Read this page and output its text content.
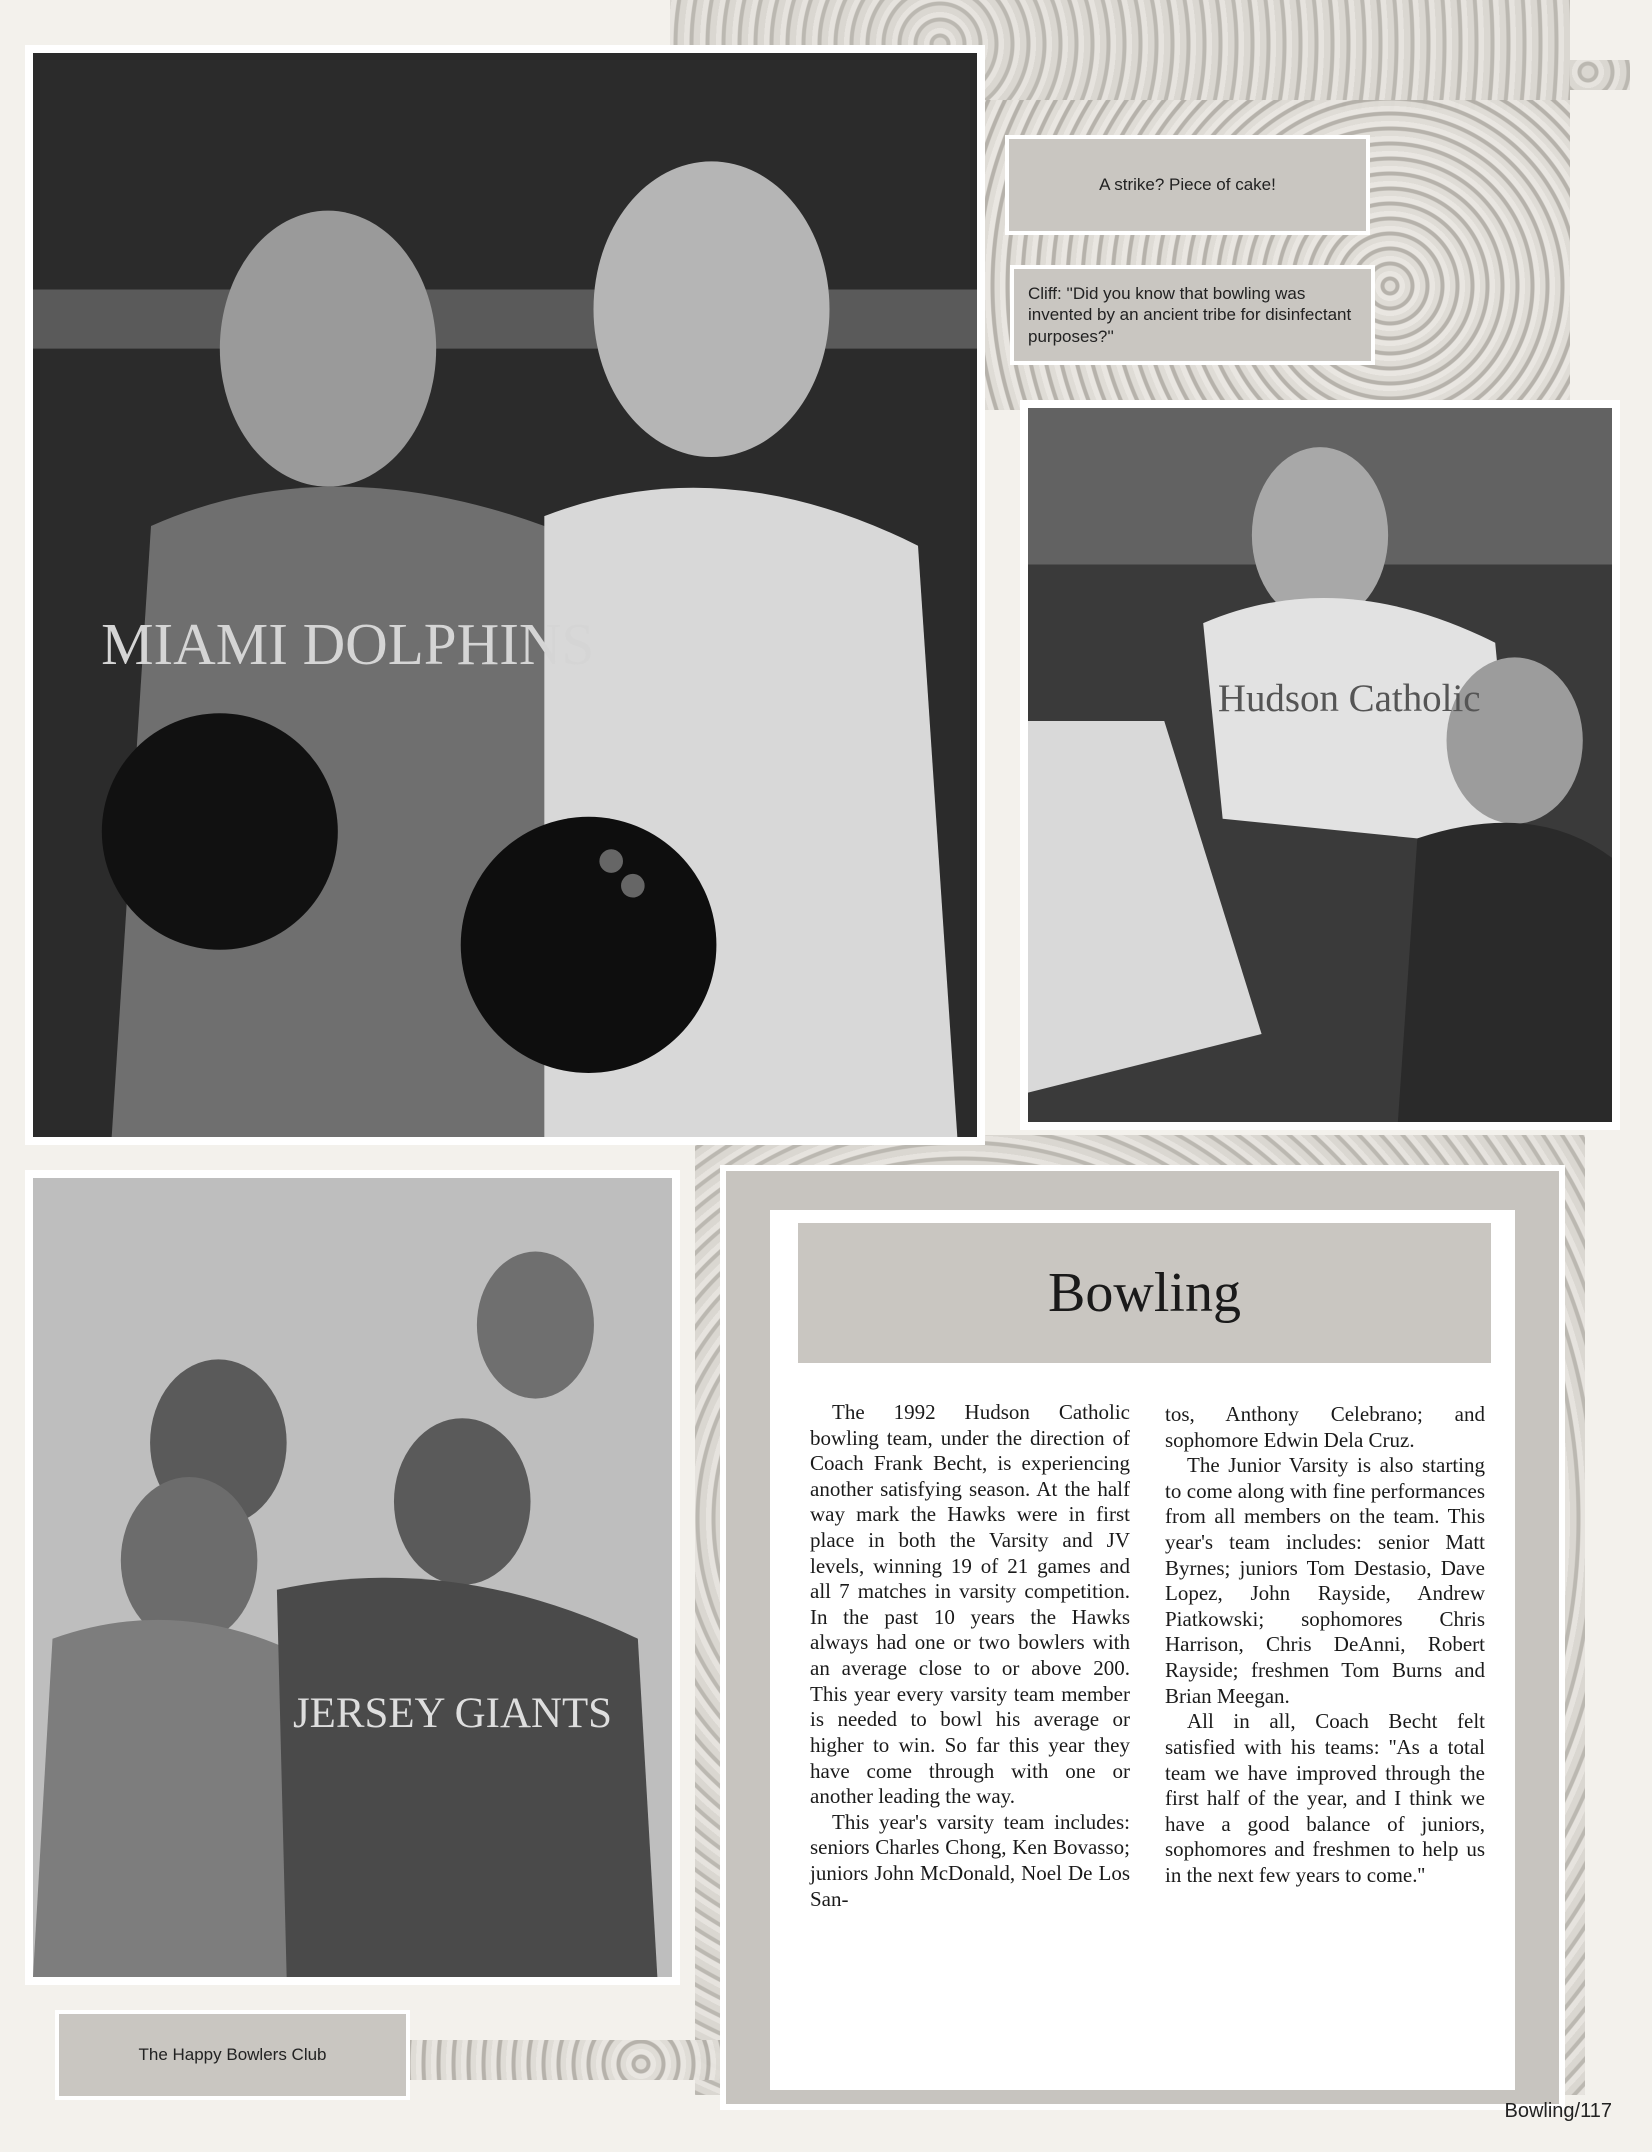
MIAMI DOLPHINS
A strike? Piece of cake!
Cliff: ''Did you know that bowling was invented by an ancient tribe for disinfectant purposes?''
Hudson Catholic
JERSEY GIANTS
The Happy Bowlers Club
Bowling

The 1992 Hudson Catholic bowling team, under the direction of Coach Frank Becht, is experiencing another satisfying season. At the half way mark the Hawks were in first place in both the Varsity and JV levels, winning 19 of 21 games and all 7 matches in varsity competition. In the past 10 years the Hawks always had one or two bowlers with an average close to or above 200. This year every varsity team member is needed to bowl his average or higher to win. So far this year they have come through with one or another leading the way.

This year's varsity team includes: seniors Charles Chong, Ken Bovasso; juniors John McDonald, Noel De Los San-

tos, Anthony Celebrano; and sophomore Edwin Dela Cruz.

The Junior Varsity is also starting to come along with fine performances from all members on the team. This year's team includes: senior Matt Byrnes; juniors Tom Destasio, Dave Lopez, John Rayside, Andrew Piatkowski; sophomores Chris Harrison, Chris DeAnni, Robert Rayside; freshmen Tom Burns and Brian Meegan.

All in all, Coach Becht felt satisfied with his teams: ''As a total team we have improved through the first half of the year, and I think we have a good balance of juniors, sophomores and freshmen to help us in the next few years to come.''

Bowling/117
